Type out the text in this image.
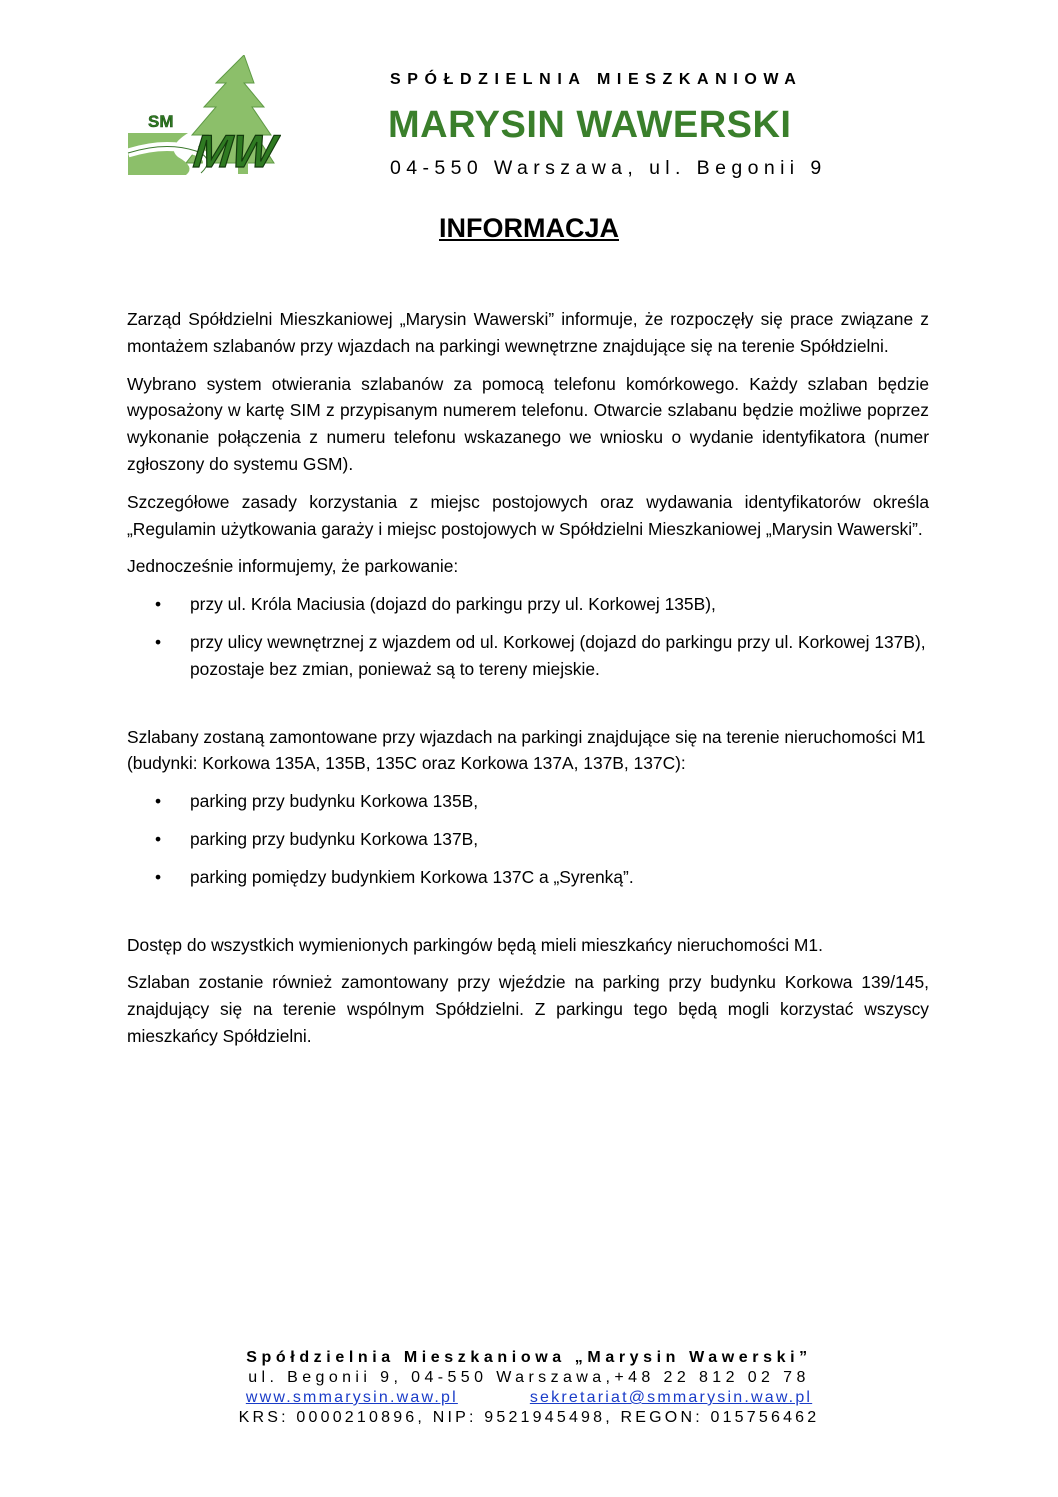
SM
MW
SPÓŁDZIELNIA MIESZKANIOWA
MARYSIN WAWERSKI
04-550 Warszawa, ul. Begonii 9
INFORMACJA

Zarząd Spółdzielni Mieszkaniowej „Marysin Wawerski” informuje, że rozpoczęły się prace związane z montażem szlabanów przy wjazdach na parkingi wewnętrzne znajdujące się na terenie Spółdzielni.

Wybrano system otwierania szlabanów za pomocą telefonu komórkowego. Każdy szlaban będzie wyposażony w kartę SIM z przypisanym numerem telefonu. Otwarcie szlabanu będzie możliwe poprzez wykonanie połączenia z numeru telefonu wskazanego we wniosku o wydanie identyfikatora (numer zgłoszony do systemu GSM).

Szczegółowe zasady korzystania z miejsc postojowych oraz wydawania identyfikatorów określa „Regulamin użytkowania garaży i miejsc postojowych w Spółdzielni Mieszkaniowej „Marysin Wawerski”.

Jednocześnie informujemy, że parkowanie:

• przy ul. Króla Maciusia (dojazd do parkingu przy ul. Korkowej 135B),
• przy ulicy wewnętrznej z wjazdem od ul. Korkowej (dojazd do parkingu przy ul. Korkowej 137B), pozostaje bez zmian, ponieważ są to tereny miejskie.

Szlabany zostaną zamontowane przy wjazdach na parkingi znajdujące się na terenie nieruchomości M1 (budynki: Korkowa 135A, 135B, 135C oraz Korkowa 137A, 137B, 137C):

• parking przy budynku Korkowa 135B,
• parking przy budynku Korkowa 137B,
• parking pomiędzy budynkiem Korkowa 137C a „Syrenką”.

Dostęp do wszystkich wymienionych parkingów będą mieli mieszkańcy nieruchomości M1.

Szlaban zostanie również zamontowany przy wjeździe na parking przy budynku Korkowa 139/145, znajdujący się na terenie wspólnym Spółdzielni. Z parkingu tego będą mogli korzystać wszyscy mieszkańcy Spółdzielni.

Spółdzielnia Mieszkaniowa „Marysin Wawerski”
ul. Begonii 9, 04-550 Warszawa,+48 22 812 02 78
www.smmarysin.waw.pl	sekretariat@smmarysin.waw.pl
KRS: 0000210896, NIP: 9521945498, REGON: 015756462
